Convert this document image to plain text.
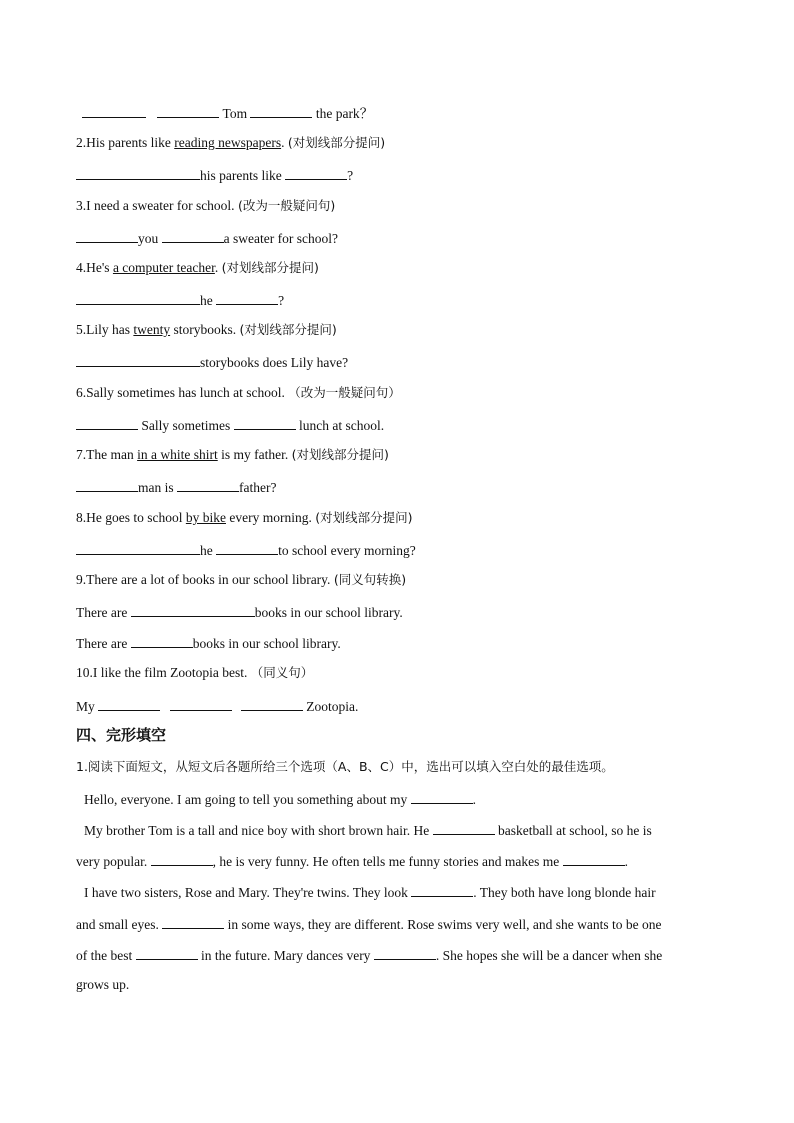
Tom	the park？
2.His parents like reading newspapers. (对划线部分提问)
his parents like	?
3.I need a sweater for school. (改为一般疑问句)
you	a sweater for school?
4.He's a computer teacher. (对划线部分提问)
he	?
5.Lily has twenty storybooks. (对划线部分提问)
storybooks does Lily have?
6.Sally sometimes has lunch at school. （改为一般疑问句）
Sally sometimes	lunch at school.
7.The man in a white shirt is my father. (对划线部分提问)
man is	father?
8.He goes to school by bike every morning. (对划线部分提问)
he	to school every morning?
9.There are a lot of books in our school library. (同义句转换)
There are	books in our school library.
There are	books in our school library.
10.I like the film Zootopia best. （同义句）
My	Zootopia.
四、完形填空
1.阅读下面短文，从短文后各题所给三个选项（A、B、C）中，选出可以填入空白处的最佳选项。
Hello, everyone. I am going to tell you something about my	.
My brother Tom is a tall and nice boy with short brown hair. He	basketball at school, so he is
very popular.	, he is very funny. He often tells me funny stories and makes me	.
I have two sisters, Rose and Mary. They're twins. They look	. They both have long blonde hair
and small eyes.	in some ways, they are different. Rose swims very well, and she wants to be one
of the best	in the future. Mary dances very	. She hopes she will be a dancer when she
grows up.
